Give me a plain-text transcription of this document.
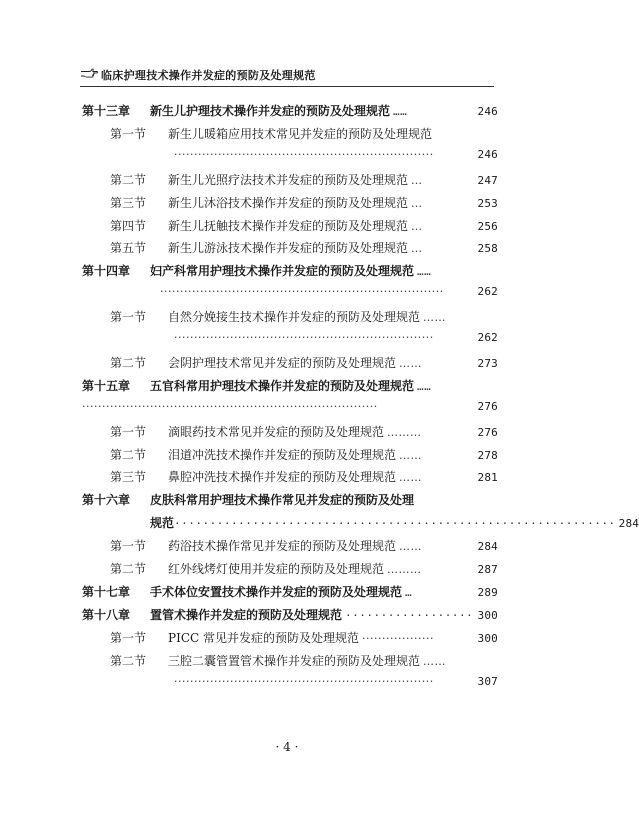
临床护理技术操作并发症的预防及处理规范
第十三章	新生儿护理技术操作并发症的预防及处理规范 ……	246
第一节	新生儿暖箱应用技术常见并发症的预防及处理规范
·································································	246
第二节	新生儿光照疗法技术并发症的预防及处理规范 …	247
第三节	新生儿沐浴技术操作并发症的预防及处理规范 …	253
第四节	新生儿抚触技术操作并发症的预防及处理规范 …	256
第五节	新生儿游泳技术操作并发症的预防及处理规范 …	258
第十四章	妇产科常用护理技术操作并发症的预防及处理规范 ……
·······································································	262
第一节	自然分娩接生技术操作并发症的预防及处理规范 ……
·································································	262
第二节	会阴护理技术常见并发症的预防及处理规范 ……	273
第十五章	五官科常用护理技术操作并发症的预防及处理规范 ……
··········································································	276
第一节	滴眼药技术常见并发症的预防及处理规范 ………	276
第二节	泪道冲洗技术操作并发症的预防及处理规范 ……	278
第三节	鼻腔冲洗技术操作并发症的预防及处理规范 ……	281
第十六章	皮肤科常用护理技术操作常见并发症的预防及处理
规范 ······························································ 284
第一节	药浴技术操作常见并发症的预防及处理规范 ……	284
第二节	红外线烤灯使用并发症的预防及处理规范 ………	287
第十七章	手术体位安置技术操作并发症的预防及处理规范 …	289
第十八章	置管术操作并发症的预防及处理规范 ·················· 300
第一节	PICC 常见并发症的预防及处理规范 ··················	300
第二节	三腔二囊管置管术操作并发症的预防及处理规范 ……
·································································	307
· 4 ·
